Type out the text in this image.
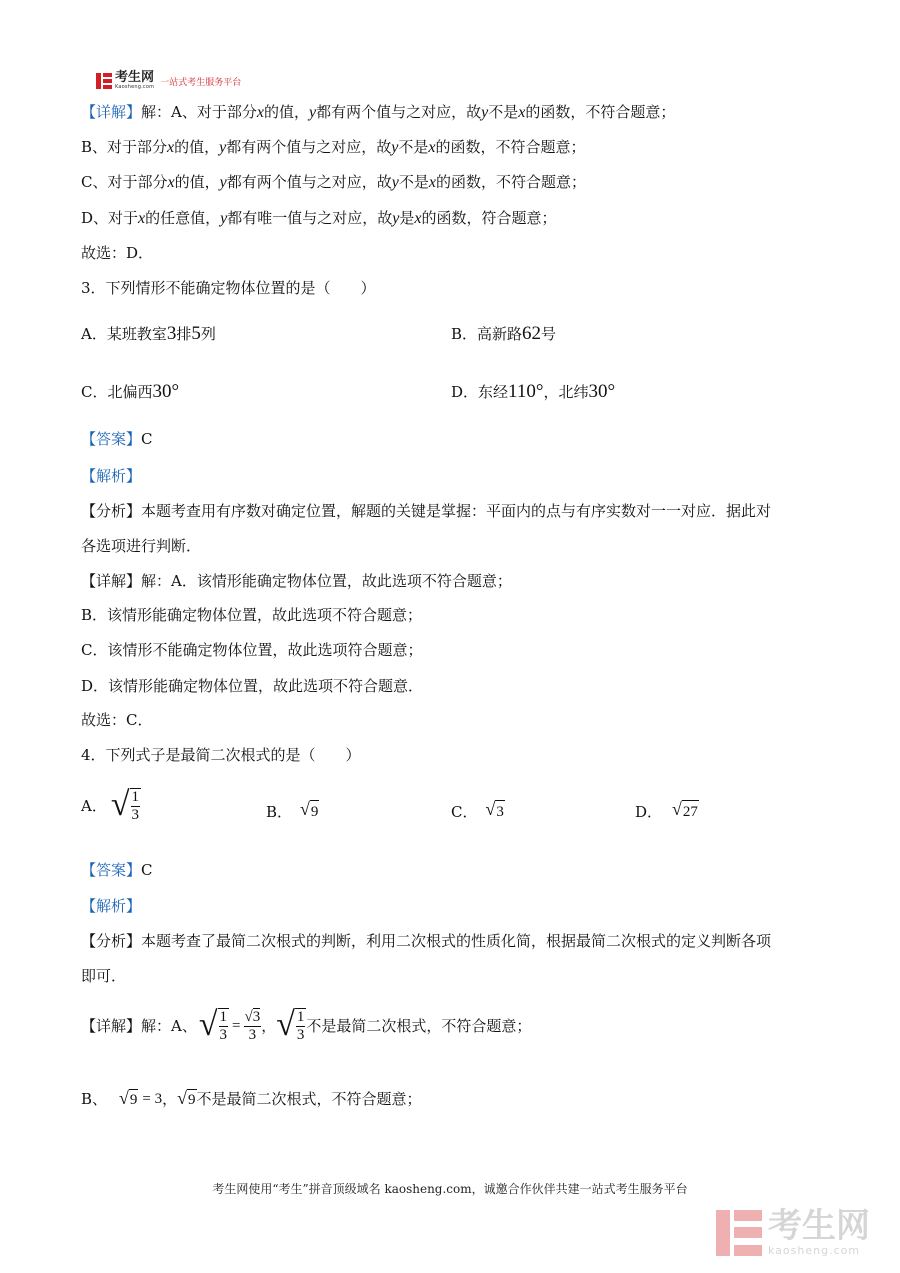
考生网
Kaosheng.com 一站式考生服务平台
【详解】解：A、对于部分x的值，y都有两个值与之对应，故y不是x的函数，不符合题意；
B、对于部分x的值，y都有两个值与之对应，故y不是x的函数，不符合题意；
C、对于部分x的值，y都有两个值与之对应，故y不是x的函数，不符合题意；
D、对于x的任意值，y都有唯一值与之对应，故y是x的函数，符合题意；
故选：D．
3．下列情形不能确定物体位置的是（　　）
A．某班教室3排5列	B．高新路62号
C．北偏西30°	D．东经110°，北纬30°
【答案】C
【解析】
【分析】本题考查用有序数对确定位置，解题的关键是掌握：平面内的点与有序实数对一一对应．据此对
各选项进行判断．
【详解】解：A．该情形能确定物体位置，故此选项不符合题意；
B．该情形能确定物体位置，故此选项不符合题意；
C．该情形不能确定物体位置，故此选项符合题意；
D．该情形能确定物体位置，故此选项不符合题意．
故选：C．
4．下列式子是最简二次根式的是（　　）
A． √ $\frac{1}{3}$	B． √ 9	C． √ 3	D． √ 27
【答案】C
【解析】
【分析】本题考查了最简二次根式的判断，利用二次根式的性质化简，根据最简二次根式的定义判断各项
即可．
【详解】 解：A、 √ $\frac{1}{3} = \frac{√3}{3}$ ， √ $\frac{1}{3}$ 不是最简二次根式，不符合题意；
B、 √ 9 = 3 ， √ 9 不是最简二次根式，不符合题意；
考生网使用“考生”拼音顶级域名 kaosheng.com，诚邀合作伙伴共建一站式考生服务平台
考生网
kaosheng.com
